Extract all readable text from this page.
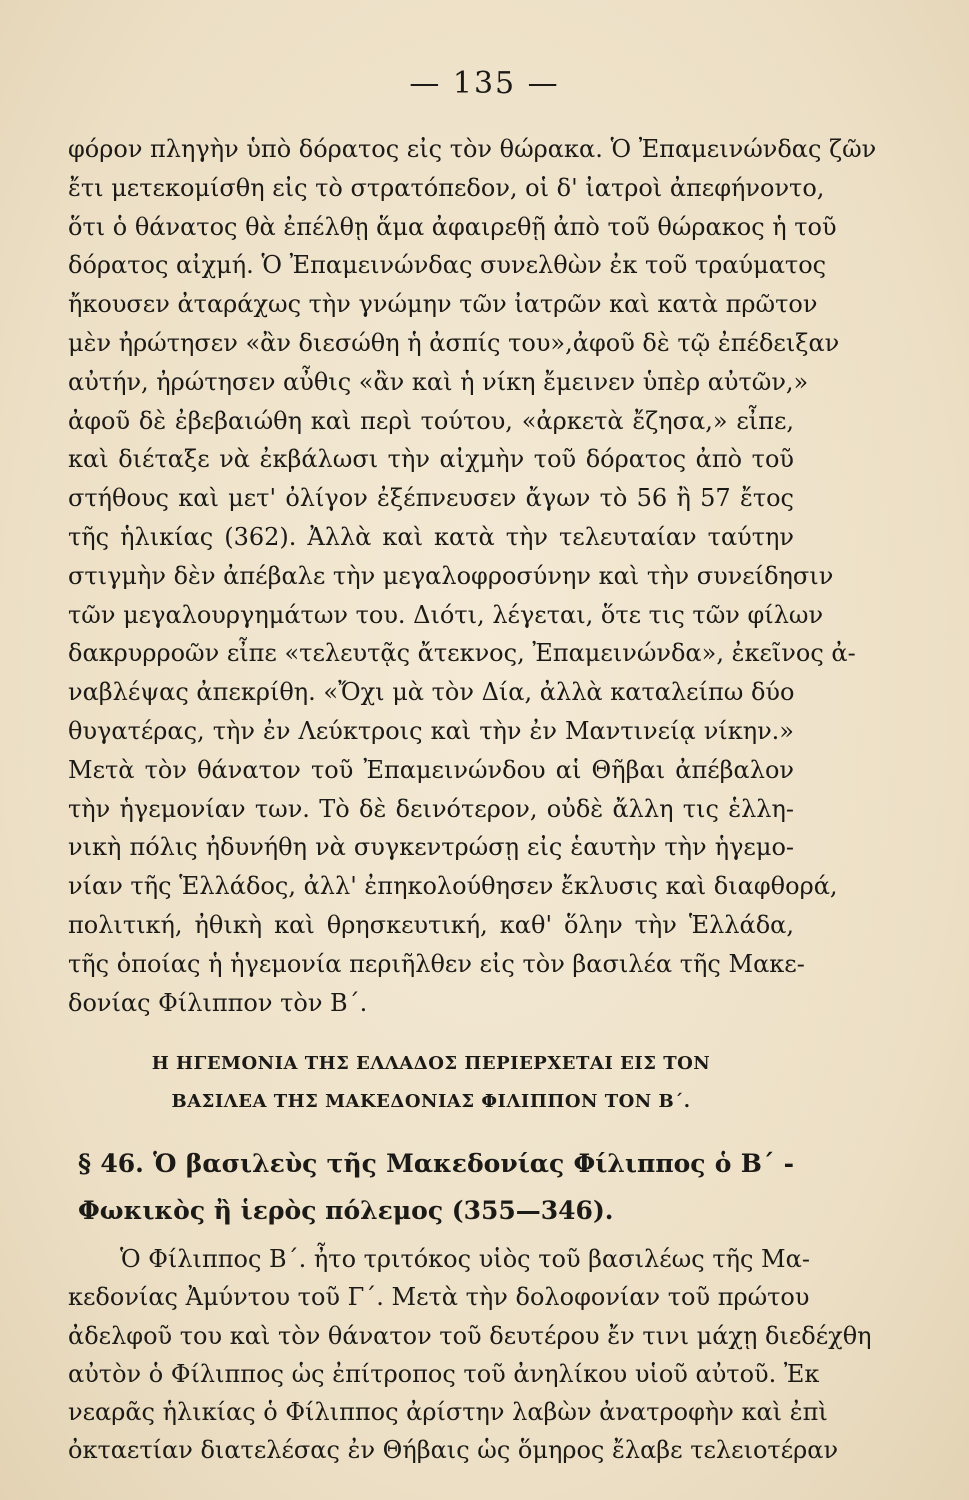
— 135 —
φόρον πληγὴν ὑπὸ δόρατος εἰς τὸν θώρακα. Ὁ Ἐπαμεινώνδας ζῶν
ἔτι μετεκομίσθη εἰς τὸ στρατόπεδον, οἱ δ' ἰατροὶ ἀπεφήνοντο,
ὅτι ὁ θάνατος θὰ ἐπέλθῃ ἅμα ἀφαιρεθῇ ἀπὸ τοῦ θώρακος ἡ τοῦ
δόρατος αἰχμή. Ὁ Ἐπαμεινώνδας συνελθὼν ἐκ τοῦ τραύματος
ἤκουσεν ἀταράχως τὴν γνώμην τῶν ἰατρῶν καὶ κατὰ πρῶτον
μὲν ἠρώτησεν «ἂν διεσώθη ἡ ἀσπίς του»,ἀφοῦ δὲ τῷ ἐπέδειξαν
αὐτήν, ἠρώτησεν αὖθις «ἂν καὶ ἡ νίκη ἔμεινεν ὑπὲρ αὐτῶν,»
ἀφοῦ δὲ ἐβεβαιώθη καὶ περὶ τούτου, «ἀρκετὰ ἔζησα,» εἶπε,
καὶ διέταξε νὰ ἐκβάλωσι τὴν αἰχμὴν τοῦ δόρατος ἀπὸ τοῦ
στήθους καὶ μετ' ὀλίγον ἐξέπνευσεν ἄγων τὸ 56 ἢ 57 ἔτος
τῆς ἡλικίας (362). Ἀλλὰ καὶ κατὰ τὴν τελευταίαν ταύτην
στιγμὴν δὲν ἀπέβαλε τὴν μεγαλοφροσύνην καὶ τὴν συνείδησιν
τῶν μεγαλουργημάτων του. Διότι, λέγεται, ὅτε τις τῶν φίλων
δακρυρροῶν εἶπε «τελευτᾷς ἄτεκνος, Ἐπαμεινώνδα», ἐκεῖνος ἀ-
ναβλέψας ἀπεκρίθη. «Ὄχι μὰ τὸν Δία, ἀλλὰ καταλείπω δύο
θυγατέρας, τὴν ἐν Λεύκτροις καὶ τὴν ἐν Μαντινείᾳ νίκην.»
Μετὰ τὸν θάνατον τοῦ Ἐπαμεινώνδου αἱ Θῆβαι ἀπέβαλον
τὴν ἡγεμονίαν των. Τὸ δὲ δεινότερον, οὐδὲ ἄλλη τις ἑλλη-
νικὴ πόλις ἠδυνήθη νὰ συγκεντρώσῃ εἰς ἑαυτὴν τὴν ἡγεμο-
νίαν τῆς Ἑλλάδος, ἀλλ' ἐπηκολούθησεν ἔκλυσις καὶ διαφθορά,
πολιτική, ἠθικὴ καὶ θρησκευτική, καθ' ὅλην τὴν Ἑλλάδα,
τῆς ὁποίας ἡ ἡγεμονία περιῆλθεν εἰς τὸν βασιλέα τῆς Μακε-
δονίας Φίλιππον τὸν Β΄.
Η ΗΓΕΜΟΝΙΑ ΤΗΣ ΕΛΛΑΔΟΣ ΠΕΡΙΕΡΧΕΤΑΙ ΕΙΣ ΤΟΝ
ΒΑΣΙΛΕΑ ΤΗΣ ΜΑΚΕΔΟΝΙΑΣ ΦΙΛΙΠΠΟΝ ΤΟΝ Β΄.
§ 46. Ὁ βασιλεὺς τῆς Μακεδονίας Φίλιππος ὁ Β΄ -
Φωκικὸς ἢ ἱερὸς πόλεμος (355—346).
Ὁ Φίλιππος Β΄. ἦτο τριτόκος υἱὸς τοῦ βασιλέως τῆς Μα-
κεδονίας Ἀμύντου τοῦ Γ΄. Μετὰ τὴν δολοφονίαν τοῦ πρώτου
ἀδελφοῦ του καὶ τὸν θάνατον τοῦ δευτέρου ἔν τινι μάχῃ διεδέχθη
αὐτὸν ὁ Φίλιππος ὡς ἐπίτροπος τοῦ ἀνηλίκου υἱοῦ αὐτοῦ. Ἐκ
νεαρᾶς ἡλικίας ὁ Φίλιππος ἀρίστην λαβὼν ἀνατροφὴν καὶ ἐπὶ
ὀκταετίαν διατελέσας ἐν Θήβαις ὡς ὅμηρος ἔλαβε τελειοτέραν
